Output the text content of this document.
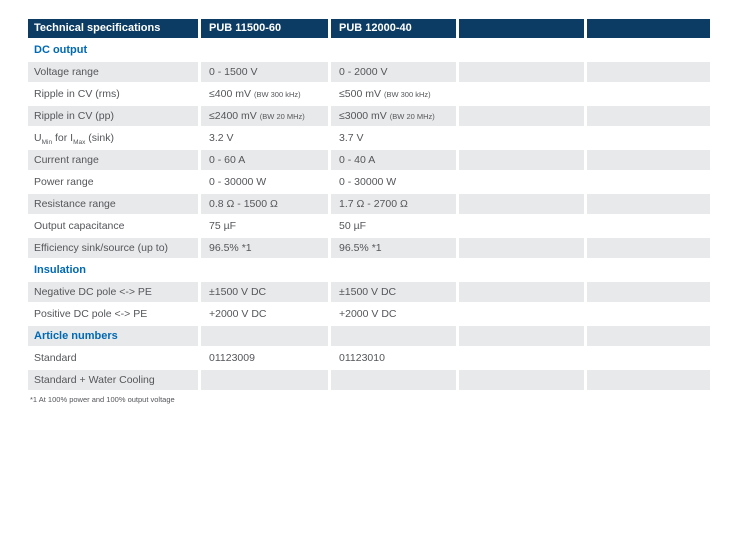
Technical specifications	PUB 11500-60	PUB 12000-40
DC output
Voltage range	0 - 1500 V	0 - 2000 V
Ripple in CV (rms)	≤400 mV (BW 300 kHz)	≤500 mV (BW 300 kHz)
Ripple in CV (pp)	≤2400 mV (BW 20 MHz)	≤3000 mV (BW 20 MHz)
$U_{Min}$ for $I_{Max}$ (sink)	3.2 V	3.7 V
Current range	0 - 60 A	0 - 40 A
Power range	0 - 30000 W	0 - 30000 W
Resistance range	0.8 Ω - 1500 Ω	1.7 Ω - 2700 Ω
Output capacitance	75 µF	50 µF
Efficiency sink/source (up to)	96.5% *1	96.5% *1
Insulation
Negative DC pole <-> PE	±1500 V DC	±1500 V DC
Positive DC pole <-> PE	+2000 V DC	+2000 V DC
Article numbers
Standard	01123009	01123010
Standard + Water Cooling
*1 At 100% power and 100% output voltage
